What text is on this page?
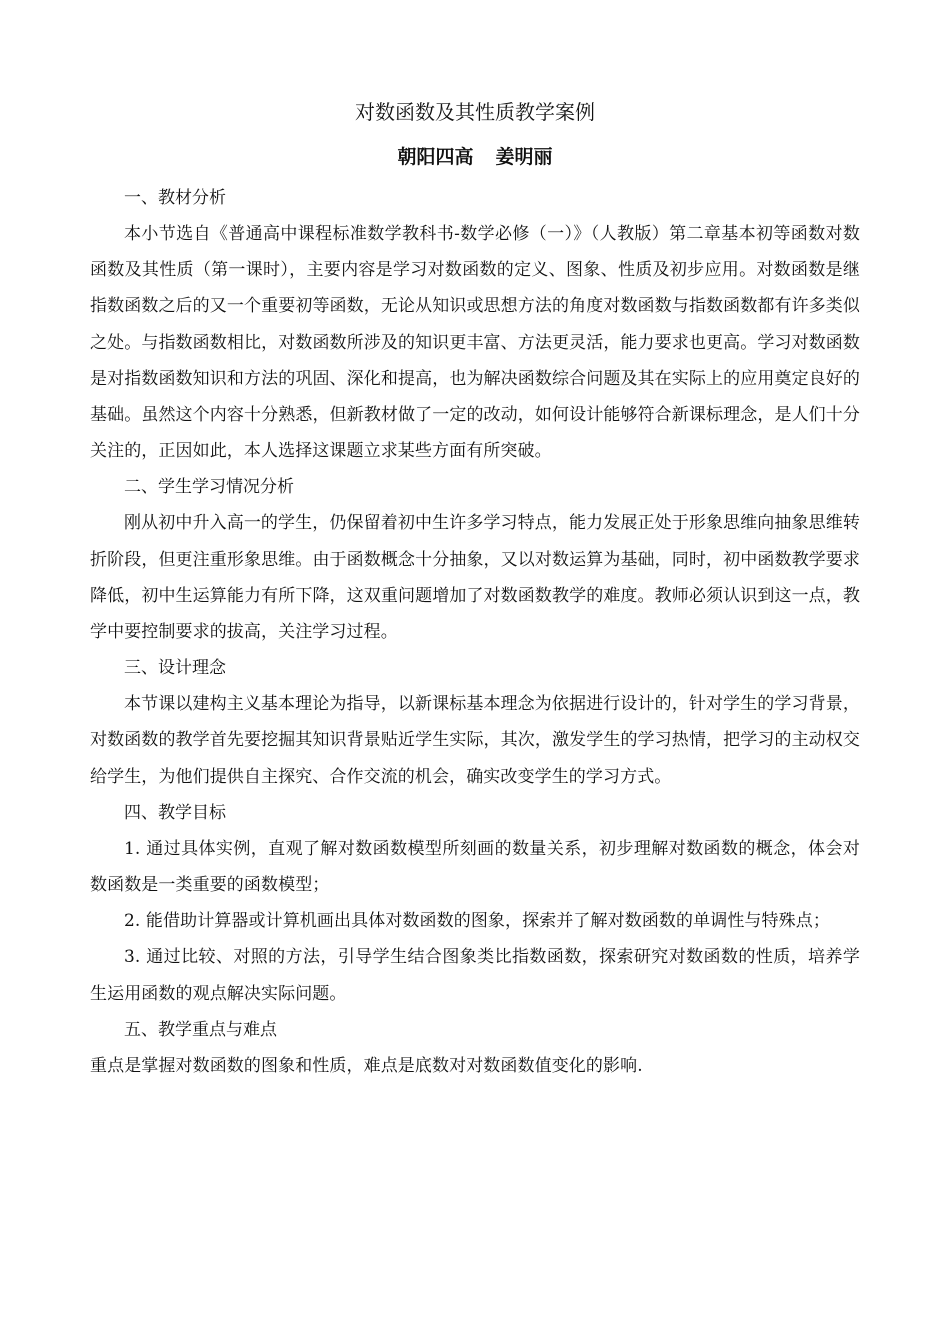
对数函数及其性质教学案例
朝阳四高 姜明丽

一、教材分析

本小节选自《普通高中课程标准数学教科书-数学必修（一）》（人教版）第二章基本初等函数对数函数及其性质（第一课时），主要内容是学习对数函数的定义、图象、性质及初步应用。对数函数是继指数函数之后的又一个重要初等函数，无论从知识或思想方法的角度对数函数与指数函数都有许多类似之处。与指数函数相比，对数函数所涉及的知识更丰富、方法更灵活，能力要求也更高。学习对数函数是对指数函数知识和方法的巩固、深化和提高，也为解决函数综合问题及其在实际上的应用奠定良好的基础。虽然这个内容十分熟悉，但新教材做了一定的改动，如何设计能够符合新课标理念，是人们十分关注的，正因如此，本人选择这课题立求某些方面有所突破。

二、学生学习情况分析

刚从初中升入高一的学生，仍保留着初中生许多学习特点，能力发展正处于形象思维向抽象思维转折阶段，但更注重形象思维。由于函数概念十分抽象，又以对数运算为基础，同时，初中函数教学要求降低，初中生运算能力有所下降，这双重问题增加了对数函数教学的难度。教师必须认识到这一点，教学中要控制要求的拔高，关注学习过程。

三、设计理念

本节课以建构主义基本理论为指导，以新课标基本理念为依据进行设计的，针对学生的学习背景，对数函数的教学首先要挖掘其知识背景贴近学生实际，其次，激发学生的学习热情，把学习的主动权交给学生，为他们提供自主探究、合作交流的机会，确实改变学生的学习方式。

四、教学目标

1. 通过具体实例，直观了解对数函数模型所刻画的数量关系，初步理解对数函数的概念，体会对数函数是一类重要的函数模型；

2. 能借助计算器或计算机画出具体对数函数的图象，探索并了解对数函数的单调性与特殊点；

3. 通过比较、对照的方法，引导学生结合图象类比指数函数，探索研究对数函数的性质，培养学生运用函数的观点解决实际问题。

五、教学重点与难点

重点是掌握对数函数的图象和性质，难点是底数对对数函数值变化的影响.
